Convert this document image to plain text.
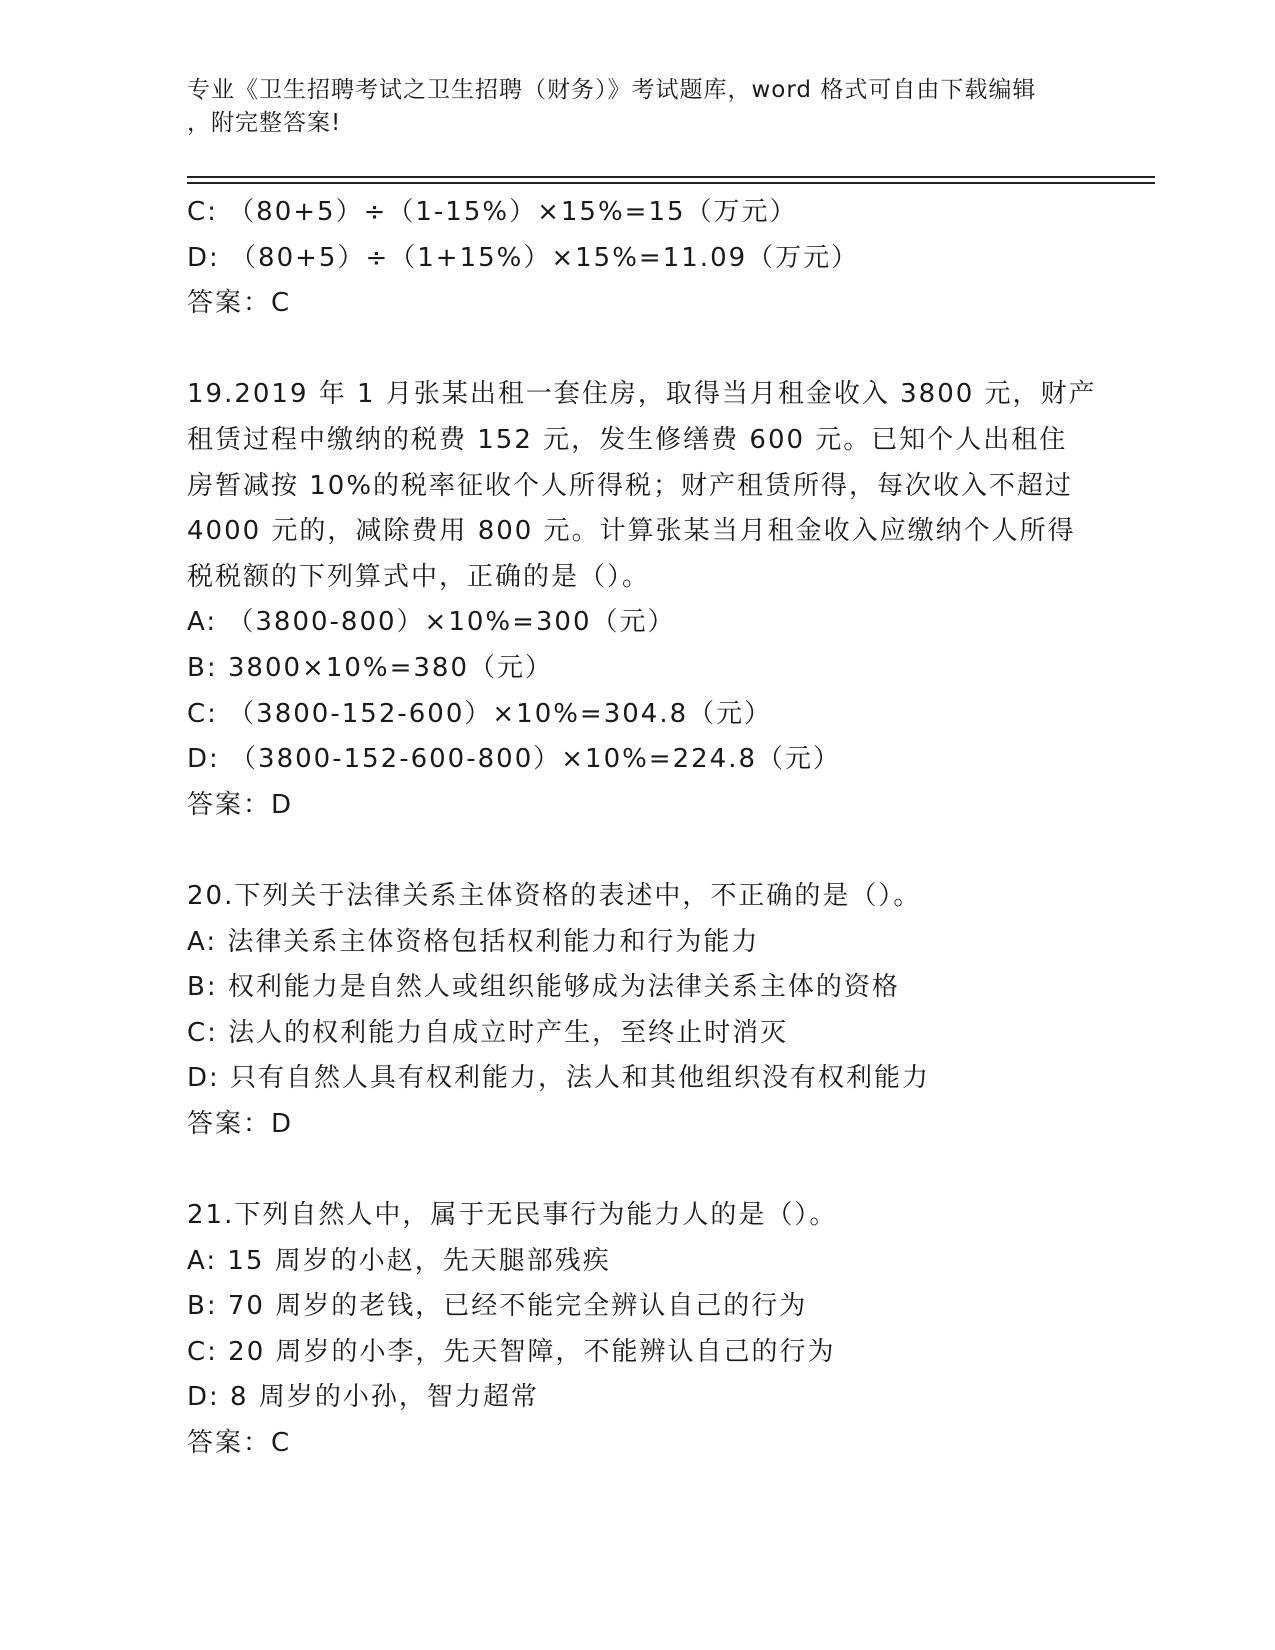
专业《卫生招聘考试之卫生招聘（财务）》考试题库，word 格式可自由下载编辑
，附完整答案!
C: （80+5）÷（1-15%）×15%=15（万元）
D: （80+5）÷（1+15%）×15%=11.09（万元）
答案：C
19.2019 年 1 月张某出租一套住房，取得当月租金收入 3800 元，财产
租赁过程中缴纳的税费 152 元，发生修缮费 600 元。已知个人出租住
房暂减按 10%的税率征收个人所得税；财产租赁所得，每次收入不超过
4000 元的，减除费用 800 元。计算张某当月租金收入应缴纳个人所得
税税额的下列算式中，正确的是（）。
A: （3800-800）×10%=300（元）
B: 3800×10%=380（元）
C: （3800-152-600）×10%=304.8（元）
D: （3800-152-600-800）×10%=224.8（元）
答案：D
20.下列关于法律关系主体资格的表述中，不正确的是（）。
A: 法律关系主体资格包括权利能力和行为能力
B: 权利能力是自然人或组织能够成为法律关系主体的资格
C: 法人的权利能力自成立时产生，至终止时消灭
D: 只有自然人具有权利能力，法人和其他组织没有权利能力
答案：D
21.下列自然人中，属于无民事行为能力人的是（）。
A: 15 周岁的小赵，先天腿部残疾
B: 70 周岁的老钱，已经不能完全辨认自己的行为
C: 20 周岁的小李，先天智障，不能辨认自己的行为
D: 8 周岁的小孙，智力超常
答案：C
